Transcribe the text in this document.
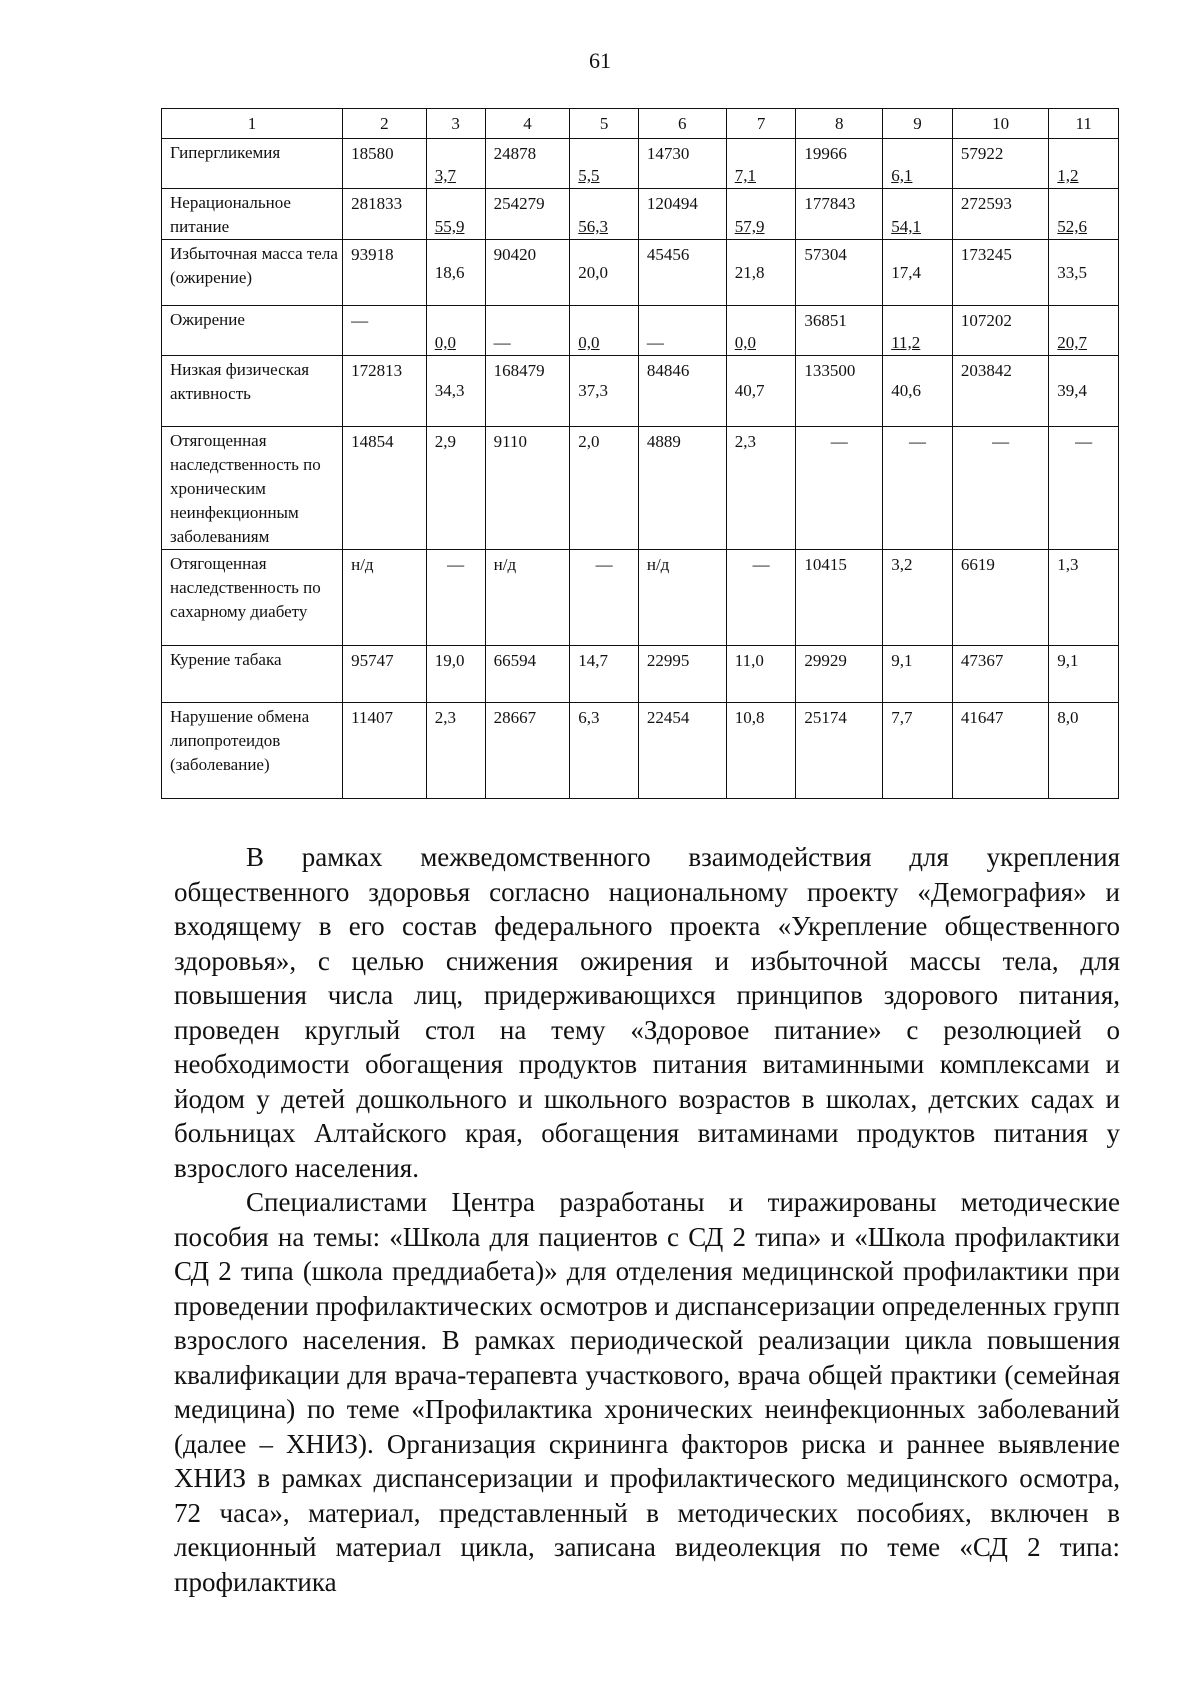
61
1	2	3	4	5	6	7	8	9	10	11
Гипергликемия	18580	3,7	24878	5,5	14730	7,1	19966	6,1	57922	1,2
Нерациональное питание	281833	55,9	254279	56,3	120494	57,9	177843	54,1	272593	52,6
Избыточная масса тела (ожирение)	93918	18,6	90420	20,0	45456	21,8	57304	17,4	173245	33,5
Ожирение	—	0,0	—	0,0	—	0,0	36851	11,2	107202	20,7
Низкая физическая активность	172813	34,3	168479	37,3	84846	40,7	133500	40,6	203842	39,4
Отягощенная наследственность по хроническим неинфекционным заболеваниям	14854	2,9	9110	2,0	4889	2,3	—	—	—	—
Отягощенная наследственность по сахарному диабету	н/д	—	н/д	—	н/д	—	10415	3,2	6619	1,3
Курение табака	95747	19,0	66594	14,7	22995	11,0	29929	9,1	47367	9,1
Нарушение обмена липопротеидов (заболевание)	11407	2,3	28667	6,3	22454	10,8	25174	7,7	41647	8,0

В рамках межведомственного взаимодействия для укрепления общественного здоровья согласно национальному проекту «Демография» и входящему в его состав федерального проекта «Укрепление общественного здоровья», с целью снижения ожирения и избыточной массы тела, для повышения числа лиц, придерживающихся принципов здорового питания, проведен круглый стол на тему «Здоровое питание» с резолюцией о необходимости обогащения продуктов питания витаминными комплексами и йодом у детей дошкольного и школьного возрастов в школах, детских садах и больницах Алтайского края, обогащения витаминами продуктов питания у взрослого населения.

Специалистами Центра разработаны и тиражированы методические пособия на темы: «Школа для пациентов с СД 2 типа» и «Школа профилактики СД 2 типа (школа преддиабета)» для отделения медицинской профилактики при проведении профилактических осмотров и диспансеризации определенных групп взрослого населения. В рамках периодической реализации цикла повышения квалификации для врача-терапевта участкового, врача общей практики (семейная медицина) по теме «Профилактика хронических неинфекционных заболеваний (далее – ХНИЗ). Организация скрининга факторов риска и раннее выявление ХНИЗ в рамках диспансеризации и профилактического медицинского осмотра, 72 часа», материал, представленный в методических пособиях, включен в лекционный материал цикла, записана видеолекция по теме «СД 2 типа: профилактика
